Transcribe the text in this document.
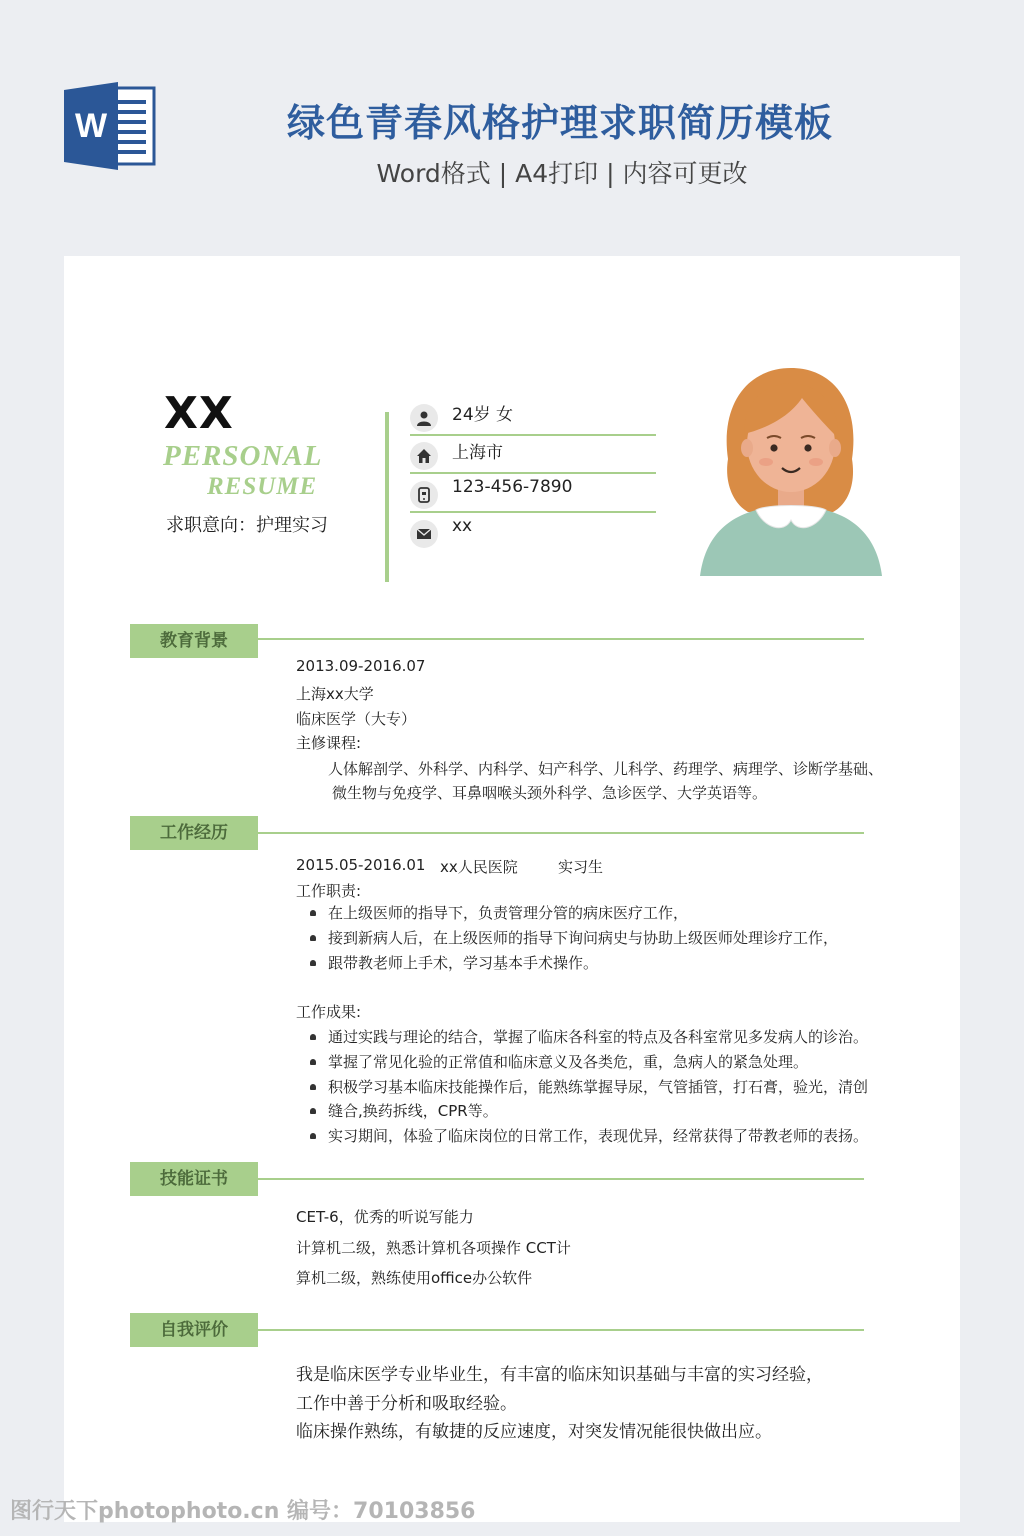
W	绿色青春风格护理求职简历模板
Word格式 | A4打印 | 内容可更改
XX
PERSONAL
RESUME
求职意向：护理实习
24岁 女
上海市
123-456-7890
xx
教育背景
2013.09-2016.07
上海xx大学
临床医学（大专）
主修课程:
人体解剖学、外科学、内科学、妇产科学、儿科学、药理学、病理学、诊断学基础、
微生物与免疫学、耳鼻咽喉头颈外科学、急诊医学、大学英语等。
工作经历
2015.05-2016.01 xx人民医院	实习生
工作职责:
在上级医师的指导下，负责管理分管的病床医疗工作，
接到新病人后，在上级医师的指导下询问病史与协助上级医师处理诊疗工作，
跟带教老师上手术，学习基本手术操作。
工作成果:
通过实践与理论的结合，掌握了临床各科室的特点及各科室常见多发病人的诊治。
掌握了常见化验的正常值和临床意义及各类危，重，急病人的紧急处理。
积极学习基本临床技能操作后，能熟练掌握导尿，气管插管，打石膏，验光，清创
缝合,换药拆线，CPR等。
实习期间，体验了临床岗位的日常工作，表现优异，经常获得了带教老师的表扬。
技能证书
CET-6，优秀的听说写能力
计算机二级，熟悉计算机各项操作 CCT计
算机二级，熟练使用office办公软件
自我评价
我是临床医学专业毕业生，有丰富的临床知识基础与丰富的实习经验，
工作中善于分析和吸取经验。
临床操作熟练，有敏捷的反应速度，对突发情况能很快做出应。
图行天下photophoto.cn 编号：70103856
